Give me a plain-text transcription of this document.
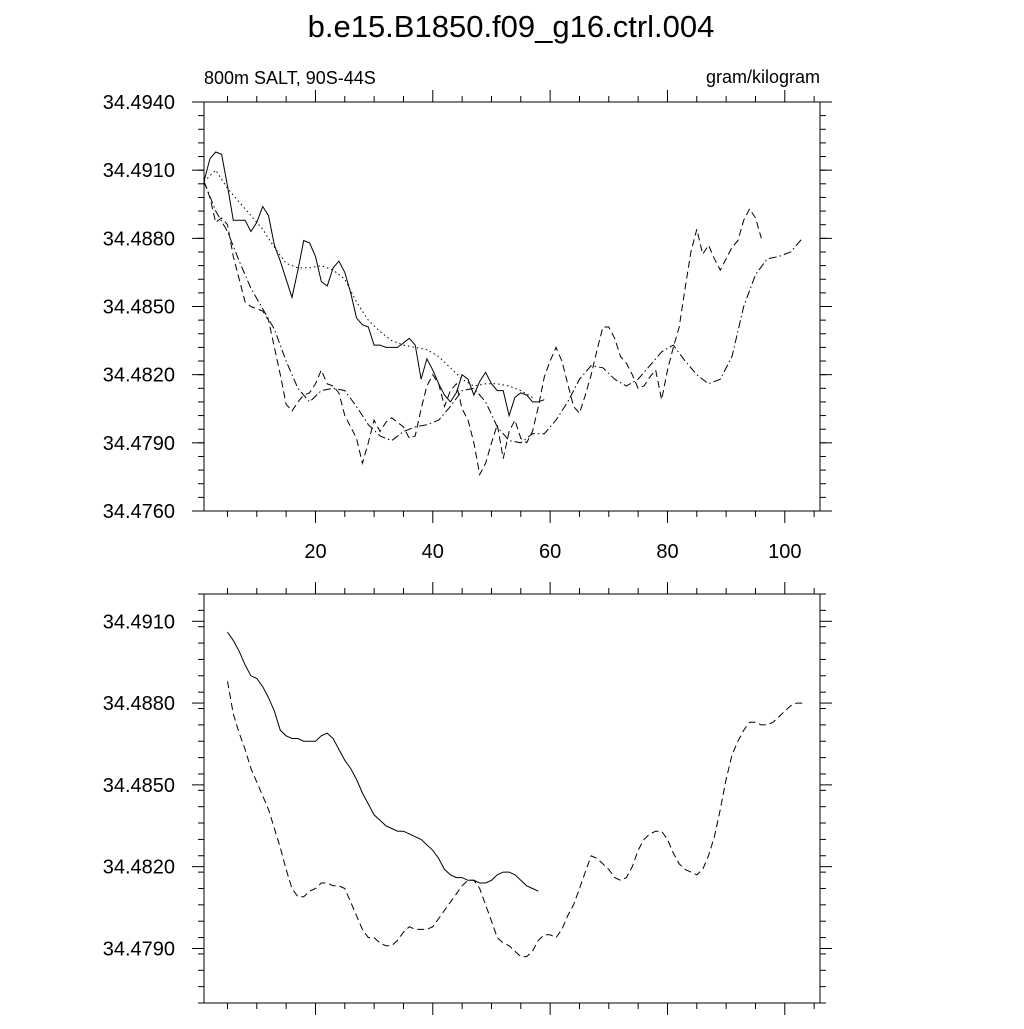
b.e15.B1850.f09_g16.ctrl.004
20	40	60	80	100
34.4760
34.4790
34.4820
34.4850
34.4880
34.4910
34.4940
800m SALT, 90S-44S	gram/kilogram
34.4790
34.4820
34.4850
34.4880
34.4910
